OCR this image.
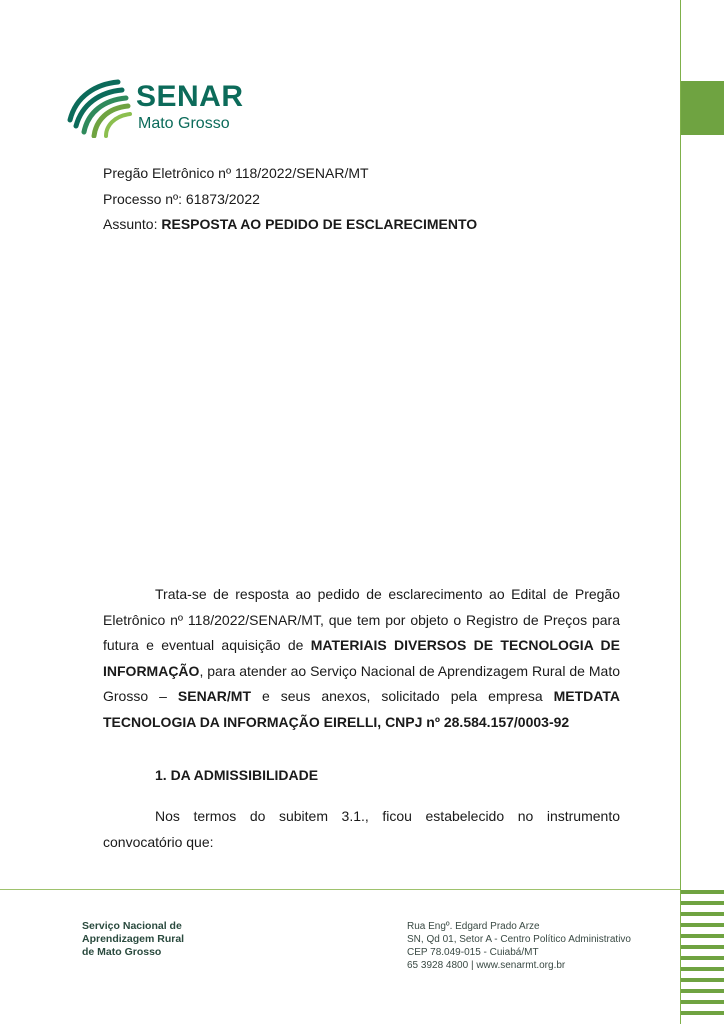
SENAR
Mato Grosso
Pregão Eletrônico nº 118/2022/SENAR/MT
Processo nº: 61873/2022
Assunto: RESPOSTA AO PEDIDO DE ESCLARECIMENTO
Trata-se de resposta ao pedido de esclarecimento ao Edital de Pregão Eletrônico nº 118/2022/SENAR/MT, que tem por objeto o Registro de Preços para futura e eventual aquisição de MATERIAIS DIVERSOS DE TECNOLOGIA DE INFORMAÇÃO, para atender ao Serviço Nacional de Aprendizagem Rural de Mato Grosso – SENAR/MT e seus anexos, solicitado pela empresa METDATA TECNOLOGIA DA INFORMAÇÃO EIRELLI, CNPJ nº 28.584.157/0003-92
1. DA ADMISSIBILIDADE
Nos termos do subitem 3.1., ficou estabelecido no instrumento convocatório que:
Serviço Nacional de
Aprendizagem Rural
de Mato Grosso
Rua Engº. Edgard Prado Arze
SN, Qd 01, Setor A - Centro Político Administrativo
CEP 78.049-015 - Cuiabá/MT
65 3928 4800 | www.senarmt.org.br
